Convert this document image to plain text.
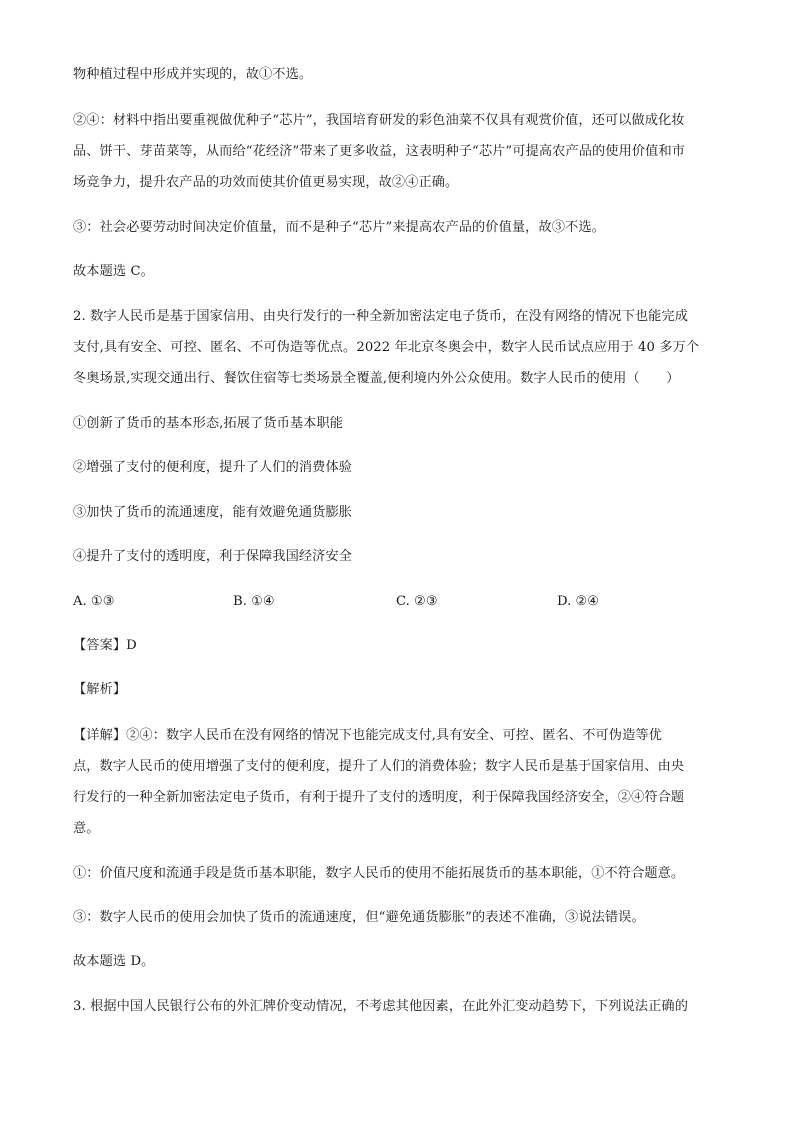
物种植过程中形成并实现的，故①不选。
②④：材料中指出要重视做优种子“芯片”，我国培育研发的彩色油菜不仅具有观赏价值，还可以做成化妆
品、饼干、芽苗菜等，从而给“花经济”带来了更多收益，这表明种子“芯片”可提高农产品的使用价值和市
场竞争力，提升农产品的功效而使其价值更易实现，故②④正确。
③：社会必要劳动时间决定价值量，而不是种子“芯片”来提高农产品的价值量，故③不选。
故本题选 C。
2. 数字人民币是基于国家信用、由央行发行的一种全新加密法定电子货币，在没有网络的情况下也能完成
支付,具有安全、可控、匿名、不可伪造等优点。2022 年北京冬奥会中，数字人民币试点应用于 40 多万个
冬奥场景,实现交通出行、餐饮住宿等七类场景全覆盖,便利境内外公众使用。数字人民币的使用（　　）
①创新了货币的基本形态,拓展了货币基本职能
②增强了支付的便利度，提升了人们的消费体验
③加快了货币的流通速度，能有效避免通货膨胀
④提升了支付的透明度，利于保障我国经济安全
A. ①③	B. ①④	C. ②③	D. ②④
【答案】D
【解析】
【详解】②④：数字人民币在没有网络的情况下也能完成支付,具有安全、可控、匿名、不可伪造等优
点，数字人民币的使用增强了支付的便利度，提升了人们的消费体验；数字人民币是基于国家信用、由央
行发行的一种全新加密法定电子货币，有利于提升了支付的透明度，利于保障我国经济安全，②④符合题
意。
①：价值尺度和流通手段是货币基本职能，数字人民币的使用不能拓展货币的基本职能，①不符合题意。
③：数字人民币的使用会加快了货币的流通速度，但“避免通货膨胀”的表述不准确，③说法错误。
故本题选 D。
3. 根据中国人民银行公布的外汇牌价变动情况，不考虑其他因素，在此外汇变动趋势下，下列说法正确的
